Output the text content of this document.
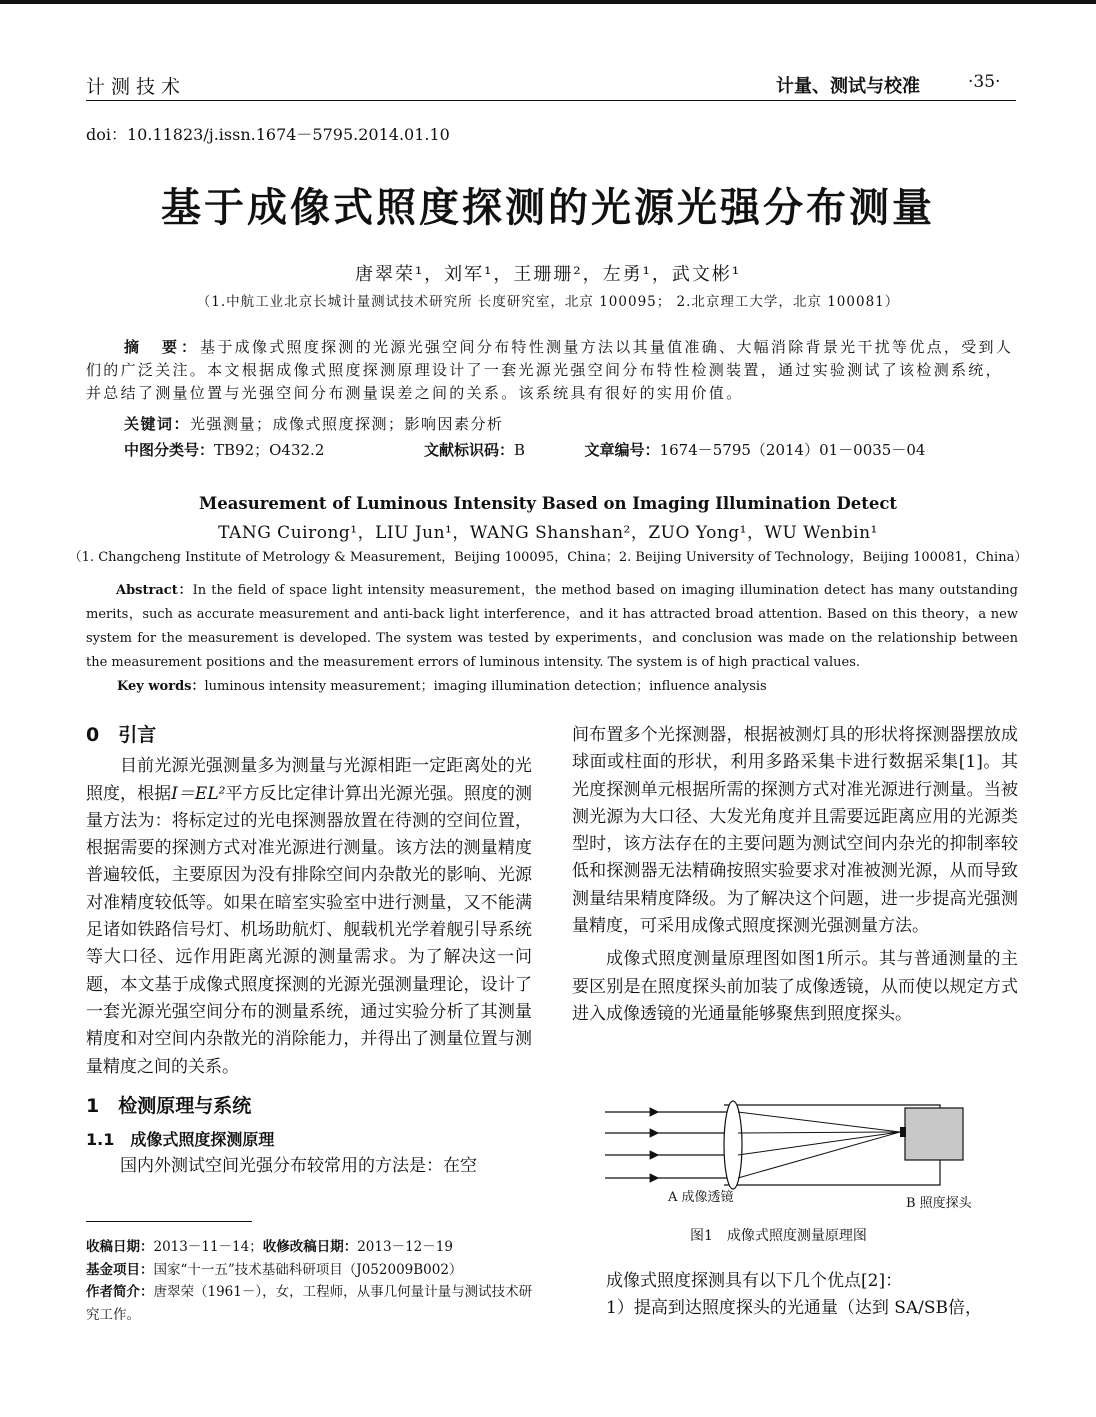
计测技术	计量、测试与校准	·35·
doi：10.11823/j.issn.1674－5795.2014.01.10
基于成像式照度探测的光源光强分布测量
唐翠荣¹，刘军¹，王珊珊²，左勇¹，武文彬¹
（1.中航工业北京长城计量测试技术研究所 长度研究室，北京 100095； 2.北京理工大学，北京 100081）
摘　要：基于成像式照度探测的光源光强空间分布特性测量方法以其量值准确、大幅消除背景光干扰等优点，受到人们的广泛关注。本文根据成像式照度探测原理设计了一套光源光强空间分布特性检测装置，通过实验测试了该检测系统，并总结了测量位置与光强空间分布测量误差之间的关系。该系统具有很好的实用价值。
关键词：光强测量；成像式照度探测；影响因素分析
中图分类号：TB92；O432.2	文献标识码：B	文章编号：1674－5795（2014）01－0035－04
Measurement of Luminous Intensity Based on Imaging Illumination Detect
TANG Cuirong¹，LIU Jun¹，WANG Shanshan²，ZUO Yong¹，WU Wenbin¹
（1. Changcheng Institute of Metrology & Measurement，Beijing 100095，China；2. Beijing University of Technology，Beijing 100081，China）
Abstract：In the field of space light intensity measurement，the method based on imaging illumination detect has many outstanding merits，such as accurate measurement and anti-back light interference，and it has attracted broad attention. Based on this theory，a new system for the measurement is developed. The system was tested by experiments，and conclusion was made on the relationship between the measurement positions and the measurement errors of luminous intensity. The system is of high practical values.
Key words：luminous intensity measurement；imaging illumination detection；influence analysis
0　引言
目前光源光强测量多为测量与光源相距一定距离处的光照度，根据I＝EL²平方反比定律计算出光源光强。照度的测量方法为：将标定过的光电探测器放置在待测的空间位置，根据需要的探测方式对准光源进行测量。该方法的测量精度普遍较低，主要原因为没有排除空间内杂散光的影响、光源对准精度较低等。如果在暗室实验室中进行测量，又不能满足诸如铁路信号灯、机场助航灯、舰载机光学着舰引导系统等大口径、远作用距离光源的测量需求。为了解决这一问题，本文基于成像式照度探测的光源光强测量理论，设计了一套光源光强空间分布的测量系统，通过实验分析了其测量精度和对空间内杂散光的消除能力，并得出了测量位置与测量精度之间的关系。
1　检测原理与系统
1.1　成像式照度探测原理
国内外测试空间光强分布较常用的方法是：在空
间布置多个光探测器，根据被测灯具的形状将探测器摆放成球面或柱面的形状，利用多路采集卡进行数据采集[1]。其光度探测单元根据所需的探测方式对准光源进行测量。当被测光源为大口径、大发光角度并且需要远距离应用的光源类型时，该方法存在的主要问题为测试空间内杂光的抑制率较低和探测器无法精确按照实验要求对准被测光源，从而导致测量结果精度降级。为了解决这个问题，进一步提高光强测量精度，可采用成像式照度探测光强测量方法。
成像式照度测量原理图如图1所示。其与普通测量的主要区别是在照度探头前加装了成像透镜，从而使以规定方式进入成像透镜的光通量能够聚焦到照度探头。
A 成像透镜	B 照度探头
图1　成像式照度测量原理图
成像式照度探测具有以下几个优点[2]：
1）提高到达照度探头的光通量（达到 SA/SB倍，
收稿日期：2013－11－14；收修改稿日期：2013－12－19
基金项目：国家“十一五”技术基础科研项目（J052009B002）
作者简介：唐翠荣（1961－），女，工程师，从事几何量计量与测试技术研究工作。
